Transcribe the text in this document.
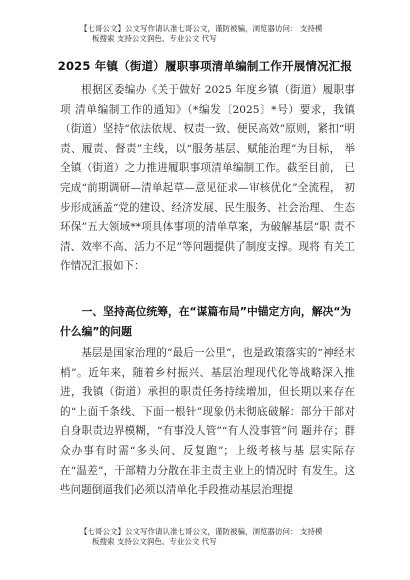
【七哥公文】公文写作请认准七哥公文，谨防被骗，浏览器访问： 支持模
板搜索 支持公文润色、专业公文 代写
2025 年镇（街道）履职事项清单编制工作开展情况汇报

根据区委编办《关于做好 2025 年度乡镇（街道）履职事项 清单编制工作的通知》（*编发〔2025〕*号）要求，我镇（街道）坚持“依法依规、权责一致、便民高效”原则，紧扣“明 责、履责、督责”主线，以“服务基层、赋能治理”为目标， 举全镇（街道）之力推进履职事项清单编制工作。截至目前， 已完成“前期调研—清单起草—意见征求—审核优化”全流程， 初步形成涵盖“党的建设、经济发展、民生服务、社会治理、 生态环保”五大领域**项具体事项的清单草案，为破解基层“职 责不清、效率不高、活力不足”等问题提供了制度支撑。现将 有关工作情况汇报如下：

一、坚持高位统筹，在“谋篇布局”中锚定方向，解决“为

什么编”的问题

基层是国家治理的“最后一公里”，也是政策落实的“神经末梢”。近年来，随着乡村振兴、基层治理现代化等战略深入推进，我镇（街道）承担的职责任务持续增加，但长期以来存在的“上面千条线、下面一根针”现象仍未彻底破解：部分干部对自身职责边界模糊，“有事没人管”“有人没事管”问 题并存；群众办事有时需“多头问、反复跑”；上级考核与基 层实际存在“温差”，干部精力分散在非主责主业上的情况时 有发生。这些问题倒逼我们必须以清单化手段推动基层治理提

【七哥公文】公文写作请认准七哥公文，谨防被骗，浏览器访问： 支持模
板搜索 支持公文润色、专业公文 代写
